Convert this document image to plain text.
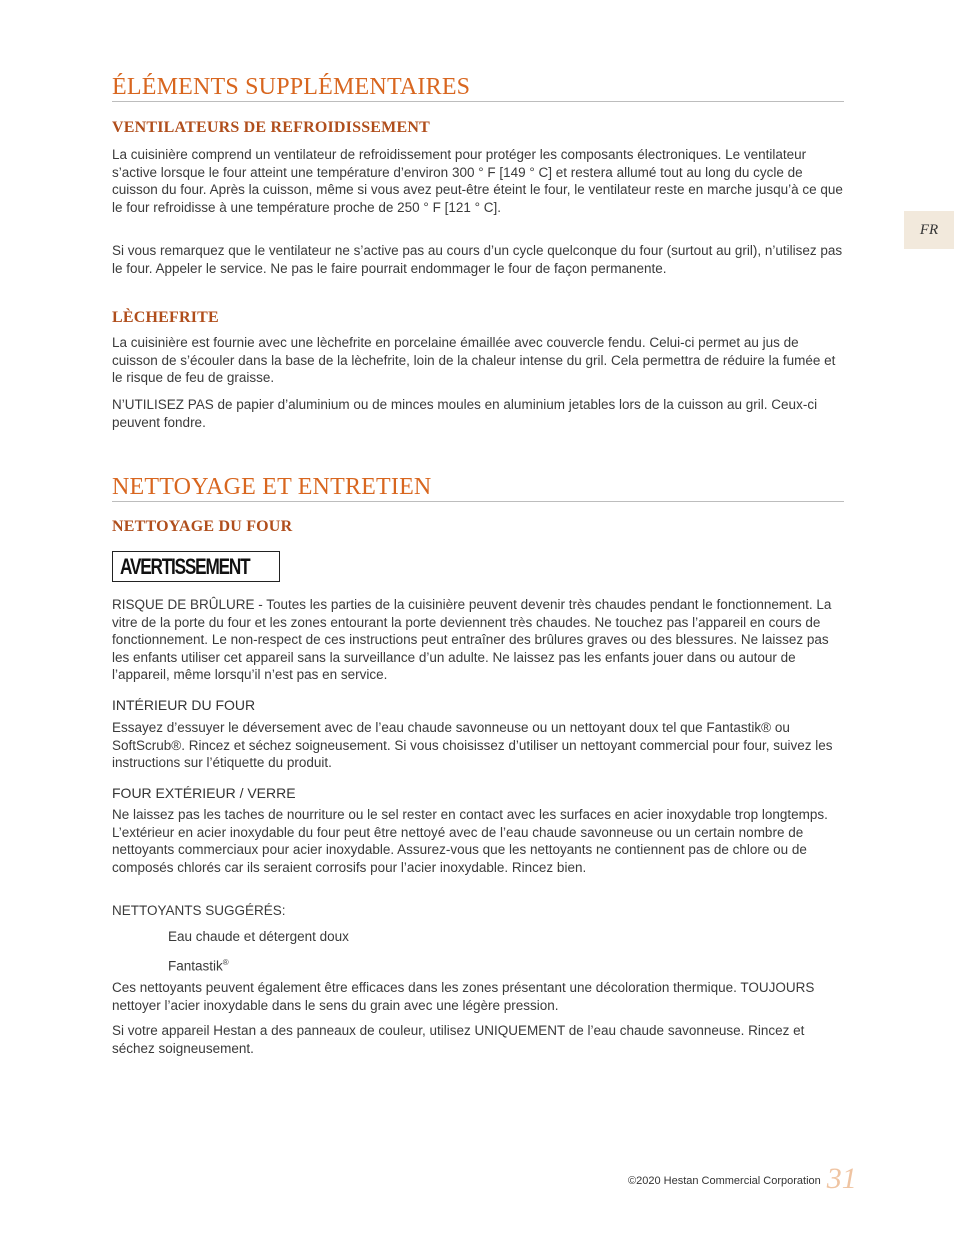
FR
ÉLÉMENTS SUPPLÉMENTAIRES
VENTILATEURS DE REFROIDISSEMENT

La cuisinière comprend un ventilateur de refroidissement pour protéger les composants électroniques. Le ventilateur s’active lorsque le four atteint une température d’environ 300 ° F [149 ° C] et restera allumé tout au long du cycle de cuisson du four. Après la cuisson, même si vous avez peut-être éteint le four, le ventilateur reste en marche jusqu’à ce que le four refroidisse à une température proche de 250 ° F [121 ° C].

Si vous remarquez que le ventilateur ne s’active pas au cours d’un cycle quelconque du four (surtout au gril), n’utilisez pas le four. Appeler le service. Ne pas le faire pourrait endommager le four de façon permanente.

LÈCHEFRITE

La cuisinière est fournie avec une lèchefrite en porcelaine émaillée avec couvercle fendu. Celui-ci permet au jus de cuisson de s’écouler dans la base de la lèchefrite, loin de la chaleur intense du gril. Cela permettra de réduire la fumée et le risque de feu de graisse.

N’UTILISEZ PAS de papier d’aluminium ou de minces moules en aluminium jetables lors de la cuisson au gril. Ceux-ci peuvent fondre.

NETTOYAGE ET ENTRETIEN
NETTOYAGE DU FOUR
AVERTISSEMENT

RISQUE DE BRÛLURE - Toutes les parties de la cuisinière peuvent devenir très chaudes pendant le fonctionnement. La vitre de la porte du four et les zones entourant la porte deviennent très chaudes. Ne touchez pas l’appareil en cours de fonctionnement. Le non-respect de ces instructions peut entraîner des brûlures graves ou des blessures. Ne laissez pas les enfants utiliser cet appareil sans la surveillance d’un adulte. Ne laissez pas les enfants jouer dans ou autour de l’appareil, même lorsqu’il n’est pas en service.

INTÉRIEUR DU FOUR

Essayez d’essuyer le déversement avec de l’eau chaude savonneuse ou un nettoyant doux tel que Fantastik® ou SoftScrub®. Rincez et séchez soigneusement. Si vous choisissez d’utiliser un nettoyant commercial pour four, suivez les instructions sur l’étiquette du produit.

FOUR EXTÉRIEUR / VERRE

Ne laissez pas les taches de nourriture ou le sel rester en contact avec les surfaces en acier inoxydable trop longtemps. L’extérieur en acier inoxydable du four peut être nettoyé avec de l’eau chaude savonneuse ou un certain nombre de nettoyants commerciaux pour acier inoxydable. Assurez-vous que les nettoyants ne contiennent pas de chlore ou de composés chlorés car ils seraient corrosifs pour l’acier inoxydable. Rincez bien.

NETTOYANTS SUGGÉRÉS:

Eau chaude et détergent doux

Fantastik®

Ces nettoyants peuvent également être efficaces dans les zones présentant une décoloration thermique. TOUJOURS nettoyer l’acier inoxydable dans le sens du grain avec une légère pression.

Si votre appareil Hestan a des panneaux de couleur, utilisez UNIQUEMENT de l’eau chaude savonneuse. Rincez et séchez soigneusement.

©2020 Hestan Commercial Corporation 31
